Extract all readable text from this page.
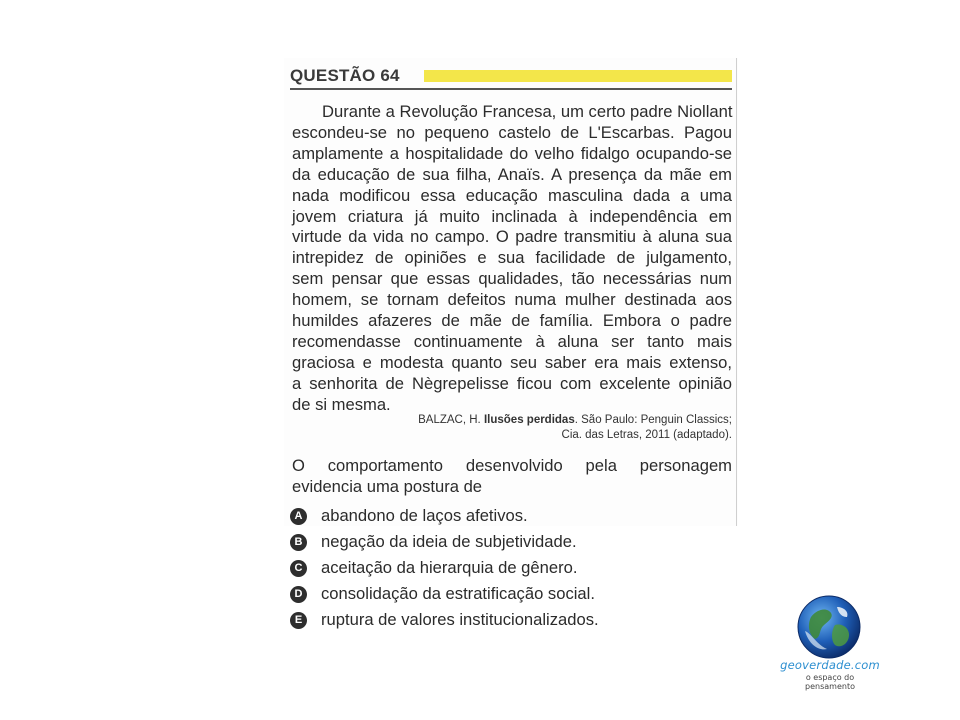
QUESTÃO 64
Durante a Revolução Francesa, um certo padre Niollant
escondeu-se no pequeno castelo de L'Escarbas. Pagou
amplamente a hospitalidade do velho fidalgo ocupando-se
da educação de sua filha, Anaïs. A presença da mãe em
nada modificou essa educação masculina dada a uma
jovem criatura já muito inclinada à independência em
virtude da vida no campo. O padre transmitiu à aluna sua
intrepidez de opiniões e sua facilidade de julgamento,
sem pensar que essas qualidades, tão necessárias num
homem, se tornam defeitos numa mulher destinada aos
humildes afazeres de mãe de família. Embora o padre
recomendasse continuamente à aluna ser tanto mais
graciosa e modesta quanto seu saber era mais extenso,
a senhorita de Nègrepelisse ficou com excelente opinião
de si mesma.
BALZAC, H. Ilusões perdidas. São Paulo: Penguin Classics;
Cia. das Letras, 2011 (adaptado).
O comportamento desenvolvido pela personagem
evidencia uma postura de
A abandono de laços afetivos.
B negação da ideia de subjetividade.
C aceitação da hierarquia de gênero.
D consolidação da estratificação social.
E ruptura de valores institucionalizados.
geoverdade.com
o espaço do pensamento
